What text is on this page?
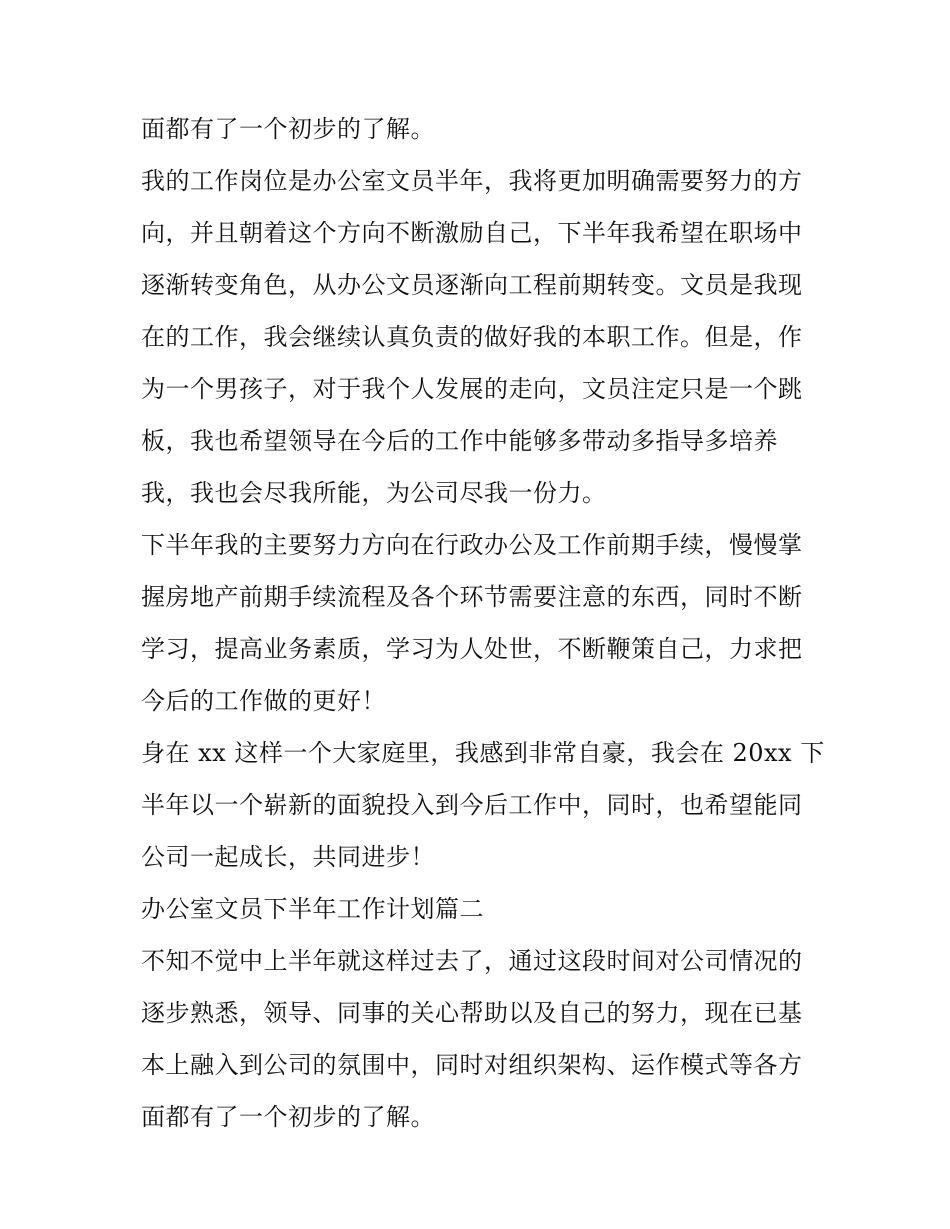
面都有了一个初步的了解。
我的工作岗位是办公室文员半年，我将更加明确需要努力的方
向，并且朝着这个方向不断激励自己，下半年我希望在职场中
逐渐转变角色，从办公文员逐渐向工程前期转变。文员是我现
在的工作，我会继续认真负责的做好我的本职工作。但是，作
为一个男孩子，对于我个人发展的走向，文员注定只是一个跳
板，我也希望领导在今后的工作中能够多带动多指导多培养
我，我也会尽我所能，为公司尽我一份力。
下半年我的主要努力方向在行政办公及工作前期手续，慢慢掌
握房地产前期手续流程及各个环节需要注意的东西，同时不断
学习，提高业务素质，学习为人处世，不断鞭策自己，力求把
今后的工作做的更好！
身在 xx 这样一个大家庭里，我感到非常自豪，我会在 20xx 下
半年以一个崭新的面貌投入到今后工作中，同时，也希望能同
公司一起成长，共同进步！
办公室文员下半年工作计划篇二
不知不觉中上半年就这样过去了，通过这段时间对公司情况的
逐步熟悉，领导、同事的关心帮助以及自己的努力，现在已基
本上融入到公司的氛围中，同时对组织架构、运作模式等各方
面都有了一个初步的了解。
